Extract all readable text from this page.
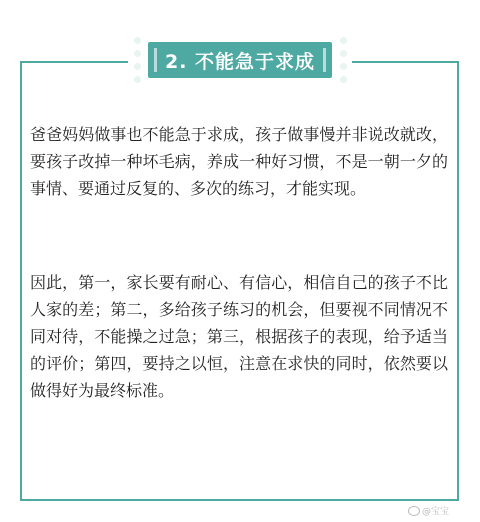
2. 不能急于求成

爸爸妈妈做事也不能急于求成，孩子做事慢并非说改就改，要孩子改掉一种坏毛病，养成一种好习惯，不是一朝一夕的事情、要通过反复的、多次的练习，才能实现。

因此，第一，家长要有耐心、有信心，相信自己的孩子不比人家的差；第二，多给孩子练习的机会，但要视不同情况不同对待，不能操之过急；第三，根据孩子的表现，给予适当的评价；第四，要持之以恒，注意在求快的同时，依然要以做得好为最终标准。

@宝宝
